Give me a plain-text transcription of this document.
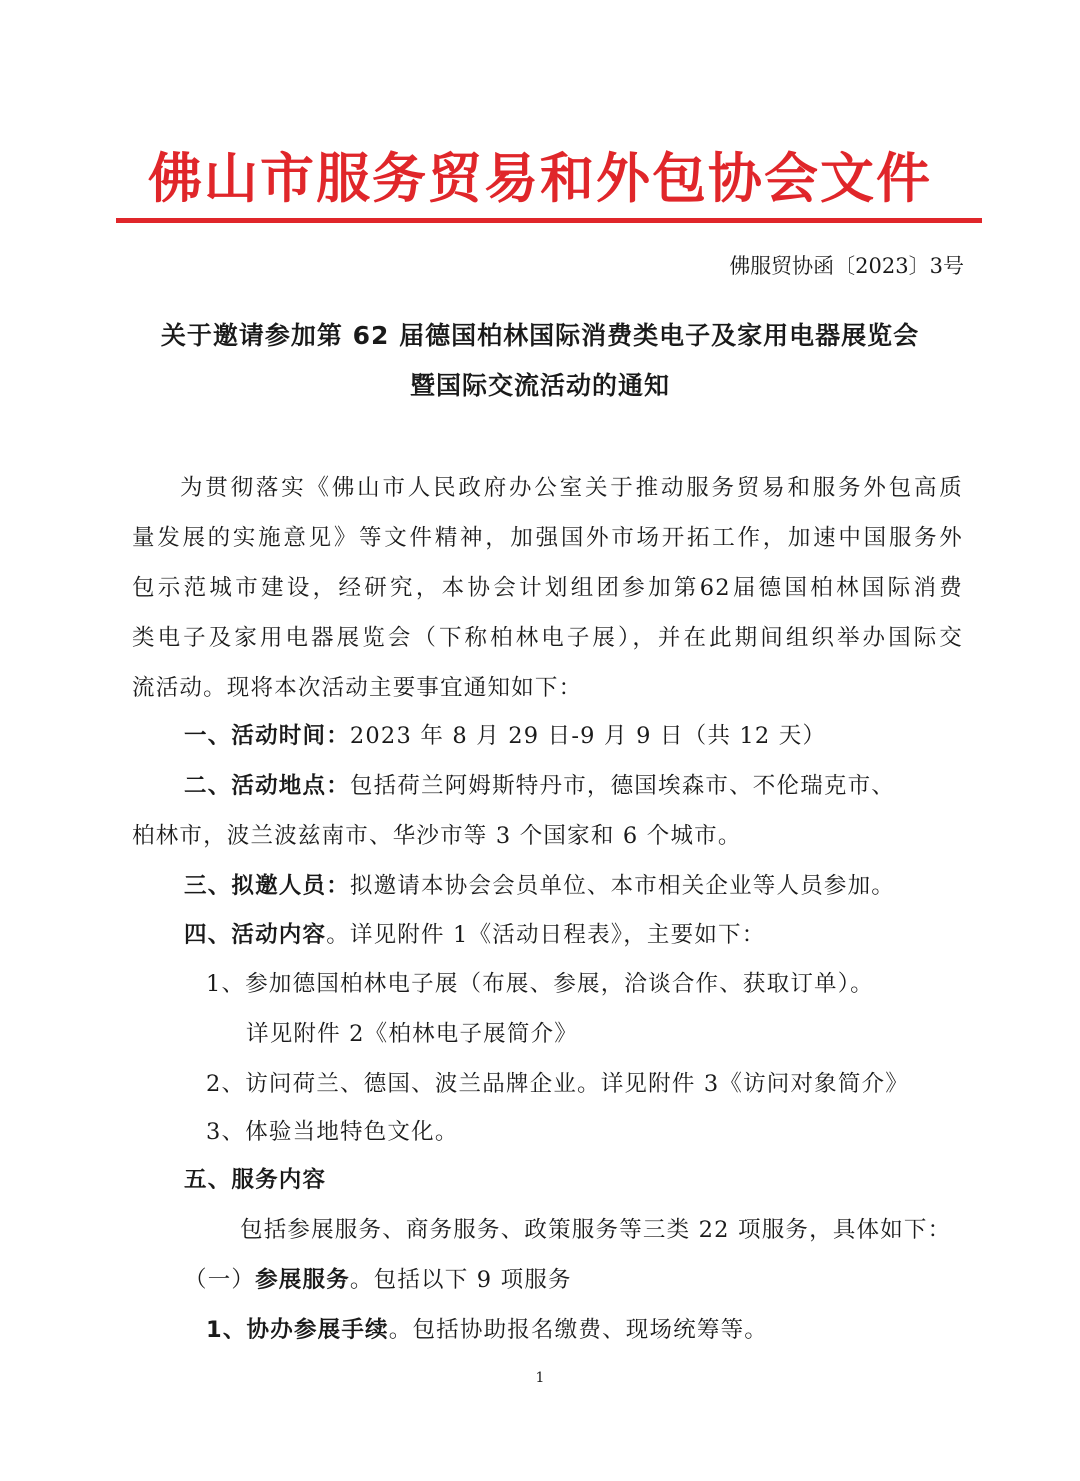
佛山市服务贸易和外包协会文件
佛服贸协函〔2023〕3号
关于邀请参加第 62 届德国柏林国际消费类电子及家用电器展览会
暨国际交流活动的通知
为贯彻落实《佛山市人民政府办公室关于推动服务贸易和服务外包高质
量发展的实施意见》等文件精神，加强国外市场开拓工作，加速中国服务外
包示范城市建设，经研究，本协会计划组团参加第62届德国柏林国际消费
类电子及家用电器展览会（下称柏林电子展），并在此期间组织举办国际交
流活动。现将本次活动主要事宜通知如下：
一、活动时间：2023 年 8 月 29 日-9 月 9 日（共 12 天）
二、活动地点：包括荷兰阿姆斯特丹市，德国埃森市、不伦瑞克市、
柏林市，波兰波兹南市、华沙市等 3 个国家和 6 个城市。
三、拟邀人员：拟邀请本协会会员单位、本市相关企业等人员参加。
四、活动内容。详见附件 1《活动日程表》，主要如下：
1、参加德国柏林电子展（布展、参展，洽谈合作、获取订单）。
详见附件 2《柏林电子展简介》
2、访问荷兰、德国、波兰品牌企业。详见附件 3《访问对象简介》
3、体验当地特色文化。
五、服务内容
包括参展服务、商务服务、政策服务等三类 22 项服务，具体如下：
（一）参展服务。包括以下 9 项服务
1、协办参展手续。包括协助报名缴费、现场统筹等。
1
